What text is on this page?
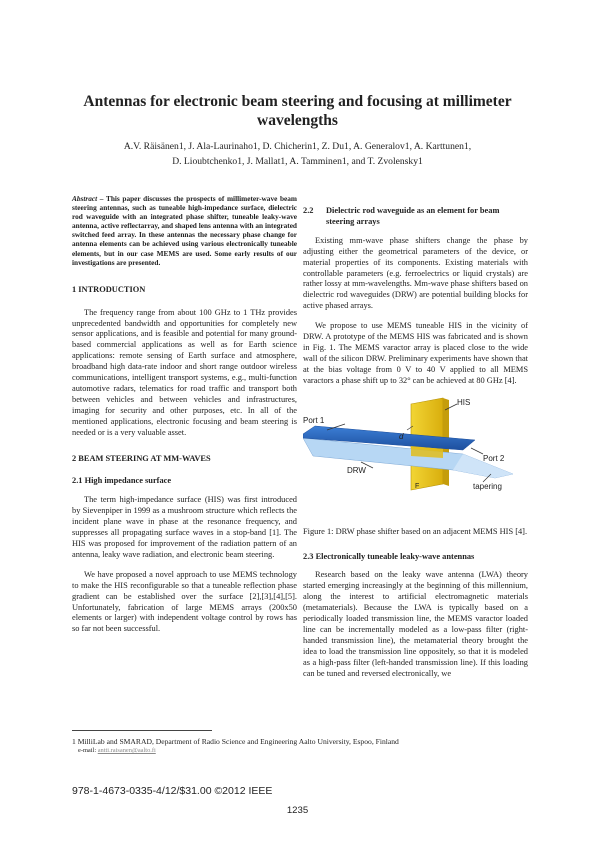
Antennas for electronic beam steering and focusing at millimeter wavelengths
A.V. Räisänen1, J. Ala-Laurinaho1, D. Chicherin1, Z. Du1, A. Generalov1, A. Karttunen1,
D. Lioubtchenko1, J. Mallat1, A. Tamminen1, and T. Zvolensky1

Abstract – This paper discusses the prospects of millimeter-wave beam steering antennas, such as tuneable high-impedance surface, dielectric rod waveguide with an integrated phase shifter, tuneable leaky-wave antenna, active reflectarray, and shaped lens antenna with an integrated switched feed array. In these antennas the necessary phase change for antenna elements can be achieved using various electronically tuneable elements, but in our case MEMS are used. Some early results of our investigations are presented.

1 INTRODUCTION

The frequency range from about 100 GHz to 1 THz provides unprecedented bandwidth and opportunities for completely new sensor applications, and is feasible and potential for many ground-based commercial applications as well as for Earth science applications: remote sensing of Earth surface and atmosphere, broadband high data-rate indoor and short range outdoor wireless communications, intelligent transport systems, e.g., multi-function automotive radars, telematics for road traffic and transport both between vehicles and between vehicles and infrastructures, imaging for security and other purposes, etc. In all of the mentioned applications, electronic focusing and beam steering is needed or is a very valuable asset.

2 BEAM STEERING AT MM-WAVES
2.1 High impedance surface

The term high-impedance surface (HIS) was first introduced by Sievenpiper in 1999 as a mushroom structure which reflects the incident plane wave in phase at the resonance frequency, and suppresses all propagating surface waves in a stop-band [1]. The HIS was proposed for improvement of the radiation pattern of an antenna, leaky wave radiation, and electronic beam steering.

We have proposed a novel approach to use MEMS technology to make the HIS reconfigurable so that a tuneable reflection phase gradient can be established over the surface [2],[3],[4],[5]. Unfortunately, fabrication of large MEMS arrays (200x50 elements or larger) with independent voltage control by rows has so far not been successful.

2.2	Dielectric rod waveguide as an element for beam steering arrays

Existing mm-wave phase shifters change the phase by adjusting either the geometrical parameters of the device, or material properties of its components. Existing materials with controllable parameters (e.g. ferroelectrics or liquid crystals) are rather lossy at mm-wavelengths. Mm-wave phase shifters based on dielectric rod waveguides (DRW) are potential building blocks for active phased arrays.

We propose to use MEMS tuneable HIS in the vicinity of DRW. A prototype of the MEMS HIS was fabricated and is shown in Fig. 1. The MEMS varactor array is placed close to the wide wall of the silicon DRW. Preliminary experiments have shown that at the bias voltage from 0 V to 40 V applied to all MEMS varactors a phase shift up to 32° can be achieved at 80 GHz [4].

Port 1
Port 2
HIS
DRW
tapering
d
F

Figure 1: DRW phase shifter based on an adjacent MEMS HIS [4].

2.3 Electronically tuneable leaky-wave antennas

Research based on the leaky wave antenna (LWA) theory started emerging increasingly at the beginning of this millennium, along the interest to artificial electromagnetic materials (metamaterials). Because the LWA is typically based on a periodically loaded transmission line, the MEMS varactor loaded line can be incrementally modeled as a low-pass filter (right-handed transmission line), the metamaterial theory brought the idea to load the transmission line oppositely, so that it is modeled as a high-pass filter (left-handed transmission line). If this loading can be tuned and reversed electronically, we

1 MilliLab and SMARAD, Department of Radio Science and Engineering Aalto University, Espoo, Finland
e-mail: antti.raisanen@aalto.fi
978-1-4673-0335-4/12/$31.00 ©2012 IEEE
1235
